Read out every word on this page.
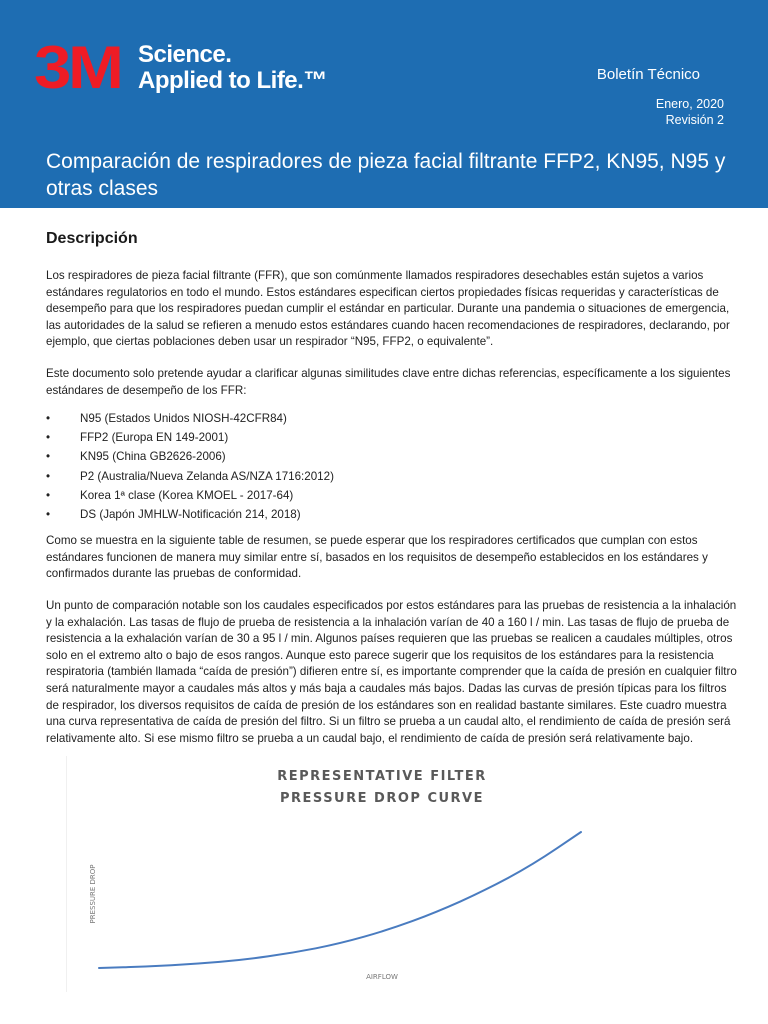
3M Science.
Applied to Life.™	Boletín Técnico
Enero, 2020
Revisión 2
Comparación de respiradores de pieza facial filtrante FFP2, KN95, N95 y otras clases
Descripción

Los respiradores de pieza facial filtrante (FFR), que son comúnmente llamados respiradores desechables están sujetos a varios estándares regulatorios en todo el mundo. Estos estándares especifican ciertos propiedades físicas requeridas y características de desempeño para que los respiradores puedan cumplir el estándar en particular. Durante una pandemia o situaciones de emergencia, las autoridades de la salud se refieren a menudo estos estándares cuando hacen recomendaciones de respiradores, declarando, por ejemplo, que ciertas poblaciones deben usar un respirador “N95, FFP2, o equivalente”.

Este documento solo pretende ayudar a clarificar algunas similitudes clave entre dichas referencias, específicamente a los siguientes estándares de desempeño de los FFR:

•	N95 (Estados Unidos NIOSH-42CFR84)
•	FFP2 (Europa EN 149-2001)
•	KN95 (China GB2626-2006)
•	P2 (Australia/Nueva Zelanda AS/NZA 1716:2012)
•	Korea 1ª clase (Korea KMOEL - 2017-64)
•	DS (Japón JMHLW-Notificación 214, 2018)

Como se muestra en la siguiente table de resumen, se puede esperar que los respiradores certificados que cumplan con estos estándares funcionen de manera muy similar entre sí, basados en los requisitos de desempeño establecidos en los estándares y confirmados durante las pruebas de conformidad.

Un punto de comparación notable son los caudales especificados por estos estándares para las pruebas de resistencia a la inhalación y la exhalación. Las tasas de flujo de prueba de resistencia a la inhalación varían de 40 a 160 l / min. Las tasas de flujo de prueba de resistencia a la exhalación varían de 30 a 95 l / min. Algunos países requieren que las pruebas se realicen a caudales múltiples, otros solo en el extremo alto o bajo de esos rangos. Aunque esto parece sugerir que los requisitos de los estándares para la resistencia respiratoria (también llamada “caída de presión”) difieren entre sí, es importante comprender que la caída de presión en cualquier filtro será naturalmente mayor a caudales más altos y más baja a caudales más bajos. Dadas las curvas de presión típicas para los filtros de respirador, los diversos requisitos de caída de presión de los estándares son en realidad bastante similares. Este cuadro muestra una curva representativa de caída de presión del filtro. Si un filtro se prueba a un caudal alto, el rendimiento de caída de presión será relativamente alto. Si ese mismo filtro se prueba a un caudal bajo, el rendimiento de caída de presión será relativamente bajo.

REPRESENTATIVE FILTER
PRESSURE DROP CURVE
AIRFLOW
PRESSURE DROP
